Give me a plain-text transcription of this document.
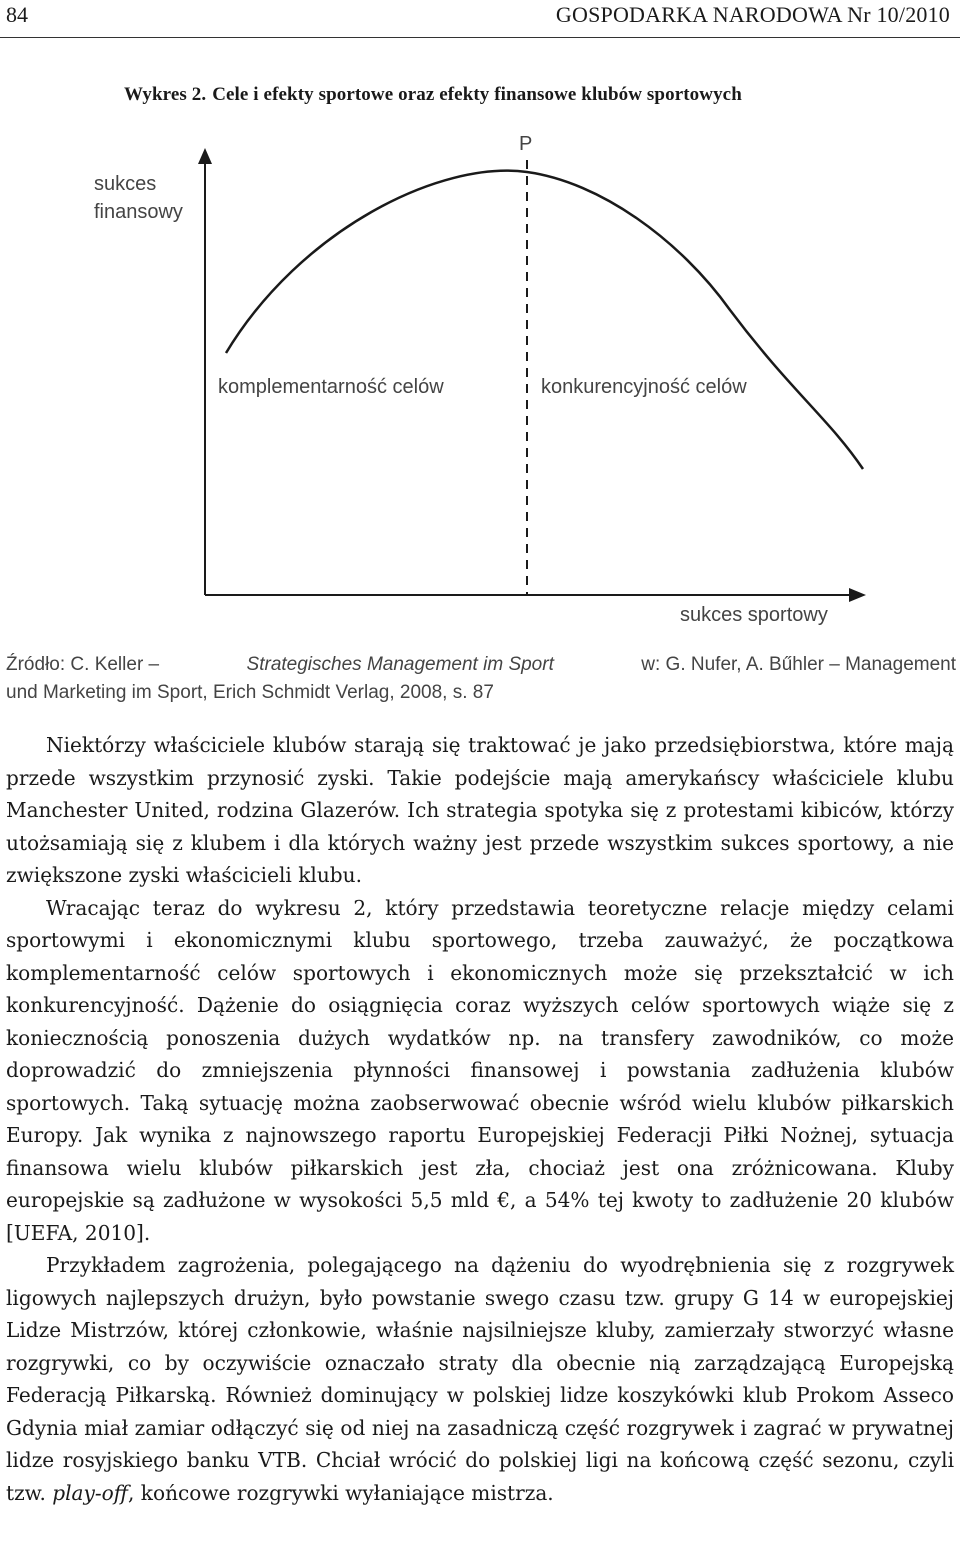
84	GOSPODARKA NARODOWA Nr 10/2010
Wykres 2. Cele i efekty sportowe oraz efekty finansowe klubów sportowych
sukces
finansowy
P
komplementarność celów	konkurencyjność celów
sukces sportowy
Źródło: C. Keller –	Strategisches Management im Sport	w: G. Nufer, A. Bűhler – Management
und Marketing im Sport, Erich Schmidt Verlag, 2008, s. 87

Niektórzy właściciele klubów starają się traktować je jako przedsiębiorstwa, które mają przede wszystkim przynosić zyski. Takie podejście mają amerykańscy właściciele klubu Manchester United, rodzina Glazerów. Ich strategia spotyka się z protestami kibiców, którzy utożsamiają się z klubem i dla których ważny jest przede wszystkim sukces sportowy, a nie zwiększone zyski właścicieli klubu.

Wracając teraz do wykresu 2, który przedstawia teoretyczne relacje między celami sportowymi i ekonomicznymi klubu sportowego, trzeba zauważyć, że początkowa komplementarność celów sportowych i ekonomicznych może się przekształcić w ich konkurencyjność. Dążenie do osiągnięcia coraz wyższych celów sportowych wiąże się z koniecznością ponoszenia dużych wydatków np. na transfery zawodników, co może doprowadzić do zmniejszenia płynności finansowej i powstania zadłużenia klubów sportowych. Taką sytuację można zaobserwować obecnie wśród wielu klubów piłkarskich Europy. Jak wynika z najnowszego raportu Europejskiej Federacji Piłki Nożnej, sytuacja finansowa wielu klubów piłkarskich jest zła, chociaż jest ona zróżnicowana. Kluby europejskie są zadłużone w wysokości 5,5 mld €, a 54% tej kwoty to zadłużenie 20 klubów [UEFA, 2010].

Przykładem zagrożenia, polegającego na dążeniu do wyodrębnienia się z rozgrywek ligowych najlepszych drużyn, było powstanie swego czasu tzw. grupy G 14 w europejskiej Lidze Mistrzów, której członkowie, właśnie najsilniejsze kluby, zamierzały stworzyć własne rozgrywki, co by oczywiście oznaczało straty dla obecnie nią zarządzającą Europejską Federacją Piłkarską. Również dominujący w polskiej lidze koszykówki klub Prokom Asseco Gdynia miał zamiar odłączyć się od niej na zasadniczą część rozgrywek i zagrać w prywatnej lidze rosyjskiego banku VTB. Chciał wrócić do polskiej ligi na końcową część sezonu, czyli tzw. play-off, końcowe rozgrywki wyłaniające mistrza.
